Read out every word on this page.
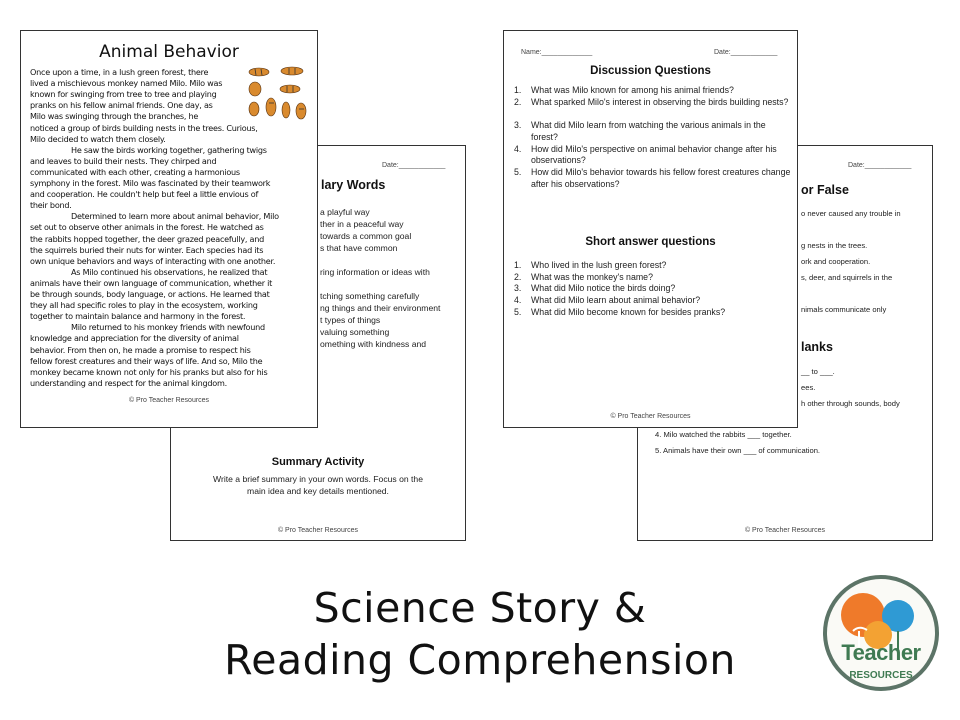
Date:____________
lary Words
a playful way
ther in a peaceful way
towards a common goal
s that have common
ring information or ideas with
tching something carefully
ng things and their environment
t types of things
valuing something
omething with kindness and
Summary Activity
Write a brief summary in your own words. Focus on the
main idea and key details mentioned.
© Pro Teacher Resources
Date:____________
or False
o never caused any trouble in
g nests in the trees.
ork and cooperation.
s, deer, and squirrels in the
nimals communicate only
lanks
__ to ___.
ees.
h other through sounds, body
4. Milo watched the rabbits ___ together.
5. Animals have their own ___ of communication.
© Pro Teacher Resources
Animal Behavior
Once upon a time, in a lush green forest, there
lived a mischievous monkey named Milo. Milo was
known for swinging from tree to tree and playing
pranks on his fellow animal friends. One day, as
Milo was swinging through the branches, he
noticed a group of birds building nests in the trees. Curious,
Milo decided to watch them closely.
He saw the birds working together, gathering twigs
and leaves to build their nests. They chirped and
communicated with each other, creating a harmonious
symphony in the forest. Milo was fascinated by their teamwork
and cooperation. He couldn't help but feel a little envious of
their bond.
Determined to learn more about animal behavior, Milo
set out to observe other animals in the forest. He watched as
the rabbits hopped together, the deer grazed peacefully, and
the squirrels buried their nuts for winter. Each species had its
own unique behaviors and ways of interacting with one another.
As Milo continued his observations, he realized that
animals have their own language of communication, whether it
be through sounds, body language, or actions. He learned that
they all had specific roles to play in the ecosystem, working
together to maintain balance and harmony in the forest.
Milo returned to his monkey friends with newfound
knowledge and appreciation for the diversity of animal
behavior. From then on, he made a promise to respect his
fellow forest creatures and their ways of life. And so, Milo the
monkey became known not only for his pranks but also for his
understanding and respect for the animal kingdom.
© Pro Teacher Resources
Name:_____________	Date:____________
Discussion Questions
1. What was Milo known for among his animal friends?
2. What sparked Milo's interest in observing the birds building nests?
3. What did Milo learn from watching the various animals in the forest?
4. How did Milo's perspective on animal behavior change after his observations?
5. How did Milo's behavior towards his fellow forest creatures change after his observations?
Short answer questions
1. Who lived in the lush green forest?
2. What was the monkey's name?
3. What did Milo notice the birds doing?
4. What did Milo learn about animal behavior?
5. What did Milo become known for besides pranks?
© Pro Teacher Resources
Science Story &
Reading Comprehension	Teacher
RESOURCES
